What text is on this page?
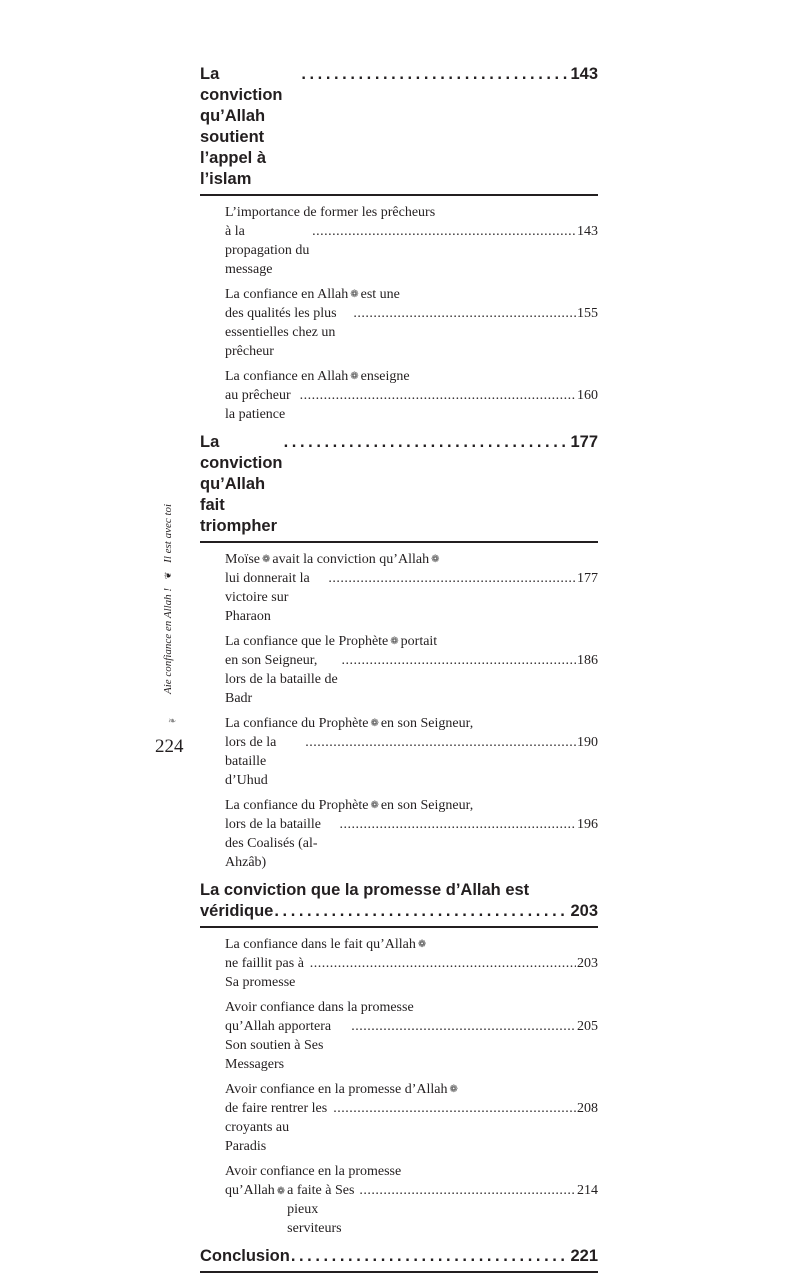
La conviction qu’Allah soutient l’appel à l’islam
. . .
143
L’importance de former les prêcheurs
à la propagation du message
. . .
143
La confiance en Allah ❁ est une
des qualités les plus essentielles chez un prêcheur
. . .
155
La confiance en Allah ❁ enseigne
au prêcheur la patience
. . .
160
La conviction qu’Allah fait triompher
. . .
177
Moïse ❁ avait la conviction qu’Allah ❁
lui donnerait la victoire sur Pharaon
. . .
177
La confiance que le Prophète ❁ portait
en son Seigneur, lors de la bataille de Badr
. . .
186
La confiance du Prophète ❁ en son Seigneur,
lors de la bataille d’Uhud
. . .
190
La confiance du Prophète ❁ en son Seigneur,
lors de la bataille des Coalisés (al-Ahzâb)
. . .
196
La conviction que la promesse d’Allah est
véridique . . .	203
La confiance dans le fait qu’Allah ❁
ne faillit pas à Sa promesse
. . .
203
Avoir confiance dans la promesse
qu’Allah apportera Son soutien à Ses Messagers
. . .
205
Avoir confiance en la promesse d’Allah ❁
de faire rentrer les croyants au Paradis
. . .
208
Avoir confiance en la promesse
qu’Allah ❁ a faite à Ses pieux serviteurs
. . .
214
Conclusion . . .	221
Aie confiance en Allah ! ❦ Il est avec toi
❧
224
